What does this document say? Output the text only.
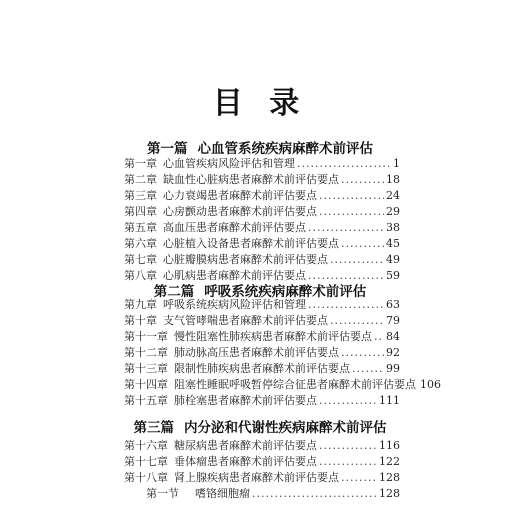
目 录
第一篇 心血管系统疾病麻醉术前评估
第一章 心血管疾病风险评估和管理 .....	1
第二章 缺血性心脏病患者麻醉术前评估要点 .....	18
第三章 心力衰竭患者麻醉术前评估要点 .....	24
第四章 心房颤动患者麻醉术前评估要点 .....	29
第五章 高血压患者麻醉术前评估要点 .....	38
第六章 心脏植入设备患者麻醉术前评估要点 .....	45
第七章 心脏瓣膜病患者麻醉术前评估要点 .....	49
第八章 心肌病患者麻醉术前评估要点 .....	59
第二篇 呼吸系统疾病麻醉术前评估
第九章 呼吸系统疾病风险评估和管理 .....	63
第十章 支气管哮喘患者麻醉术前评估要点 .....	79
第十一章 慢性阻塞性肺疾病患者麻醉术前评估要点 ..... 84
第十二章 肺动脉高压患者麻醉术前评估要点 .....	92
第十三章 限制性肺疾病患者麻醉术前评估要点 .....	99
第十四章 阻塞性睡眠呼吸暂停综合征患者麻醉术前评估要点 106
第十五章 肺栓塞患者麻醉术前评估要点 .....	111
第三篇 内分泌和代谢性疾病麻醉术前评估
第十六章 糖尿病患者麻醉术前评估要点 .....	116
第十七章 垂体瘤患者麻醉术前评估要点 .....	122
第十八章 肾上腺疾病患者麻醉术前评估要点 .....	128
第一节 嗜铬细胞瘤 .....	128
